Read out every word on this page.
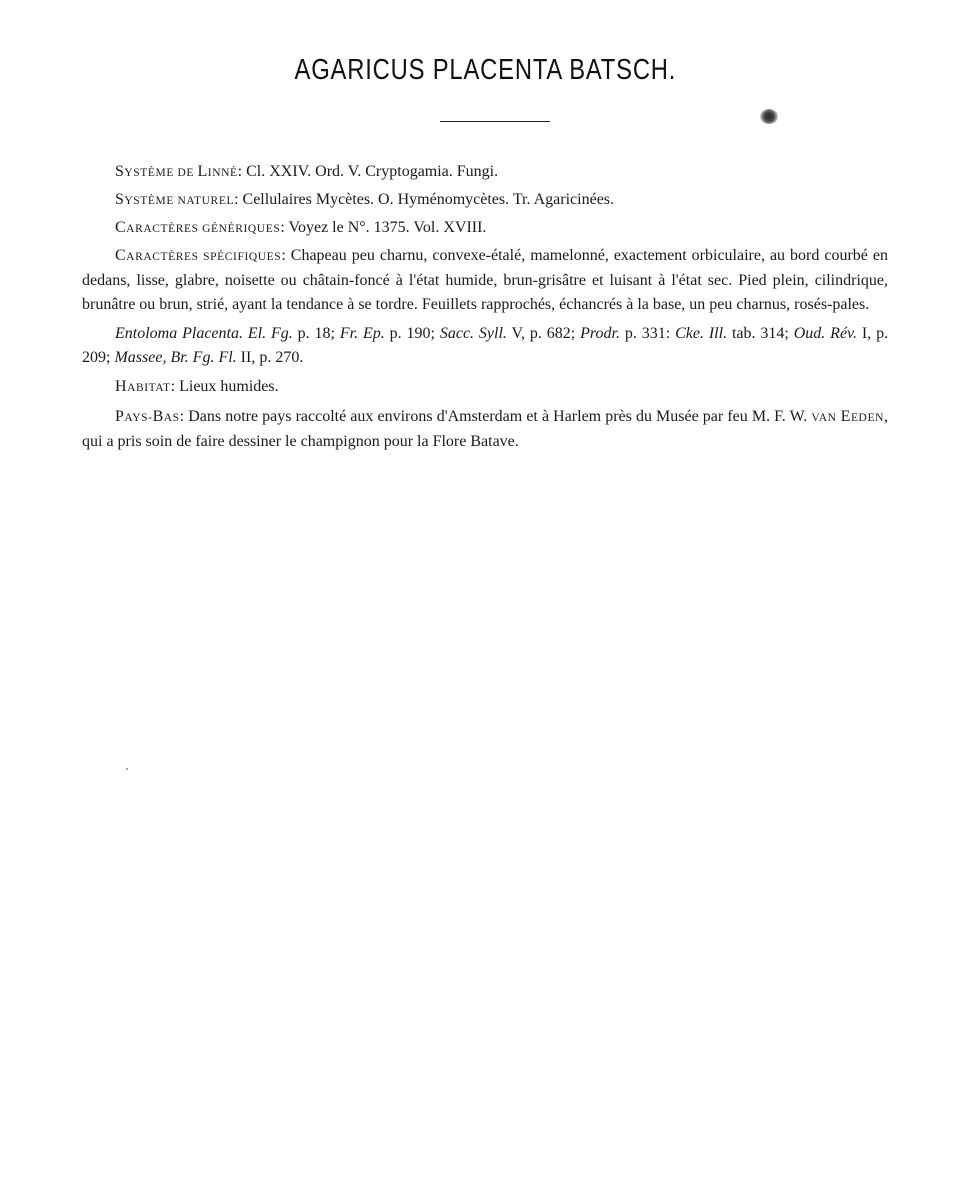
AGARICUS PLACENTA BATSCH.

SYSTÈME DE LINNÉ: Cl. XXIV. Ord. V. Cryptogamia. Fungi.

SYSTÈME NATUREL: Cellulaires Mycètes. O. Hyménomycètes. Tr. Agaricinées.

CARACTÈRES GÉNÉRIQUES: Voyez le N°. 1375. Vol. XVIII.

CARACTÈRES SPÉCIFIQUES: Chapeau peu charnu, convexe-étalé, mamelonné, exactement orbiculaire, au bord courbé en dedans, lisse, glabre, noisette ou châtain-foncé à l'état humide, brun-grisâtre et luisant à l'état sec. Pied plein, cilindrique, brunâtre ou brun, strié, ayant la tendance à se tordre. Feuillets rapprochés, échancrés à la base, un peu charnus, rosés-pales.

Entoloma Placenta. El. Fg. p. 18; Fr. Ep. p. 190; Sacc. Syll. V, p. 682; Prodr. p. 331: Cke. Ill. tab. 314; Oud. Rév. I, p. 209; Massee, Br. Fg. Fl. II, p. 270.

HABITAT: Lieux humides.

PAYS-BAS: Dans notre pays raccolté aux environs d'Amsterdam et à Harlem près du Musée par feu M. F. W. VAN EEDEN, qui a pris soin de faire dessiner le champignon pour la Flore Batave.
